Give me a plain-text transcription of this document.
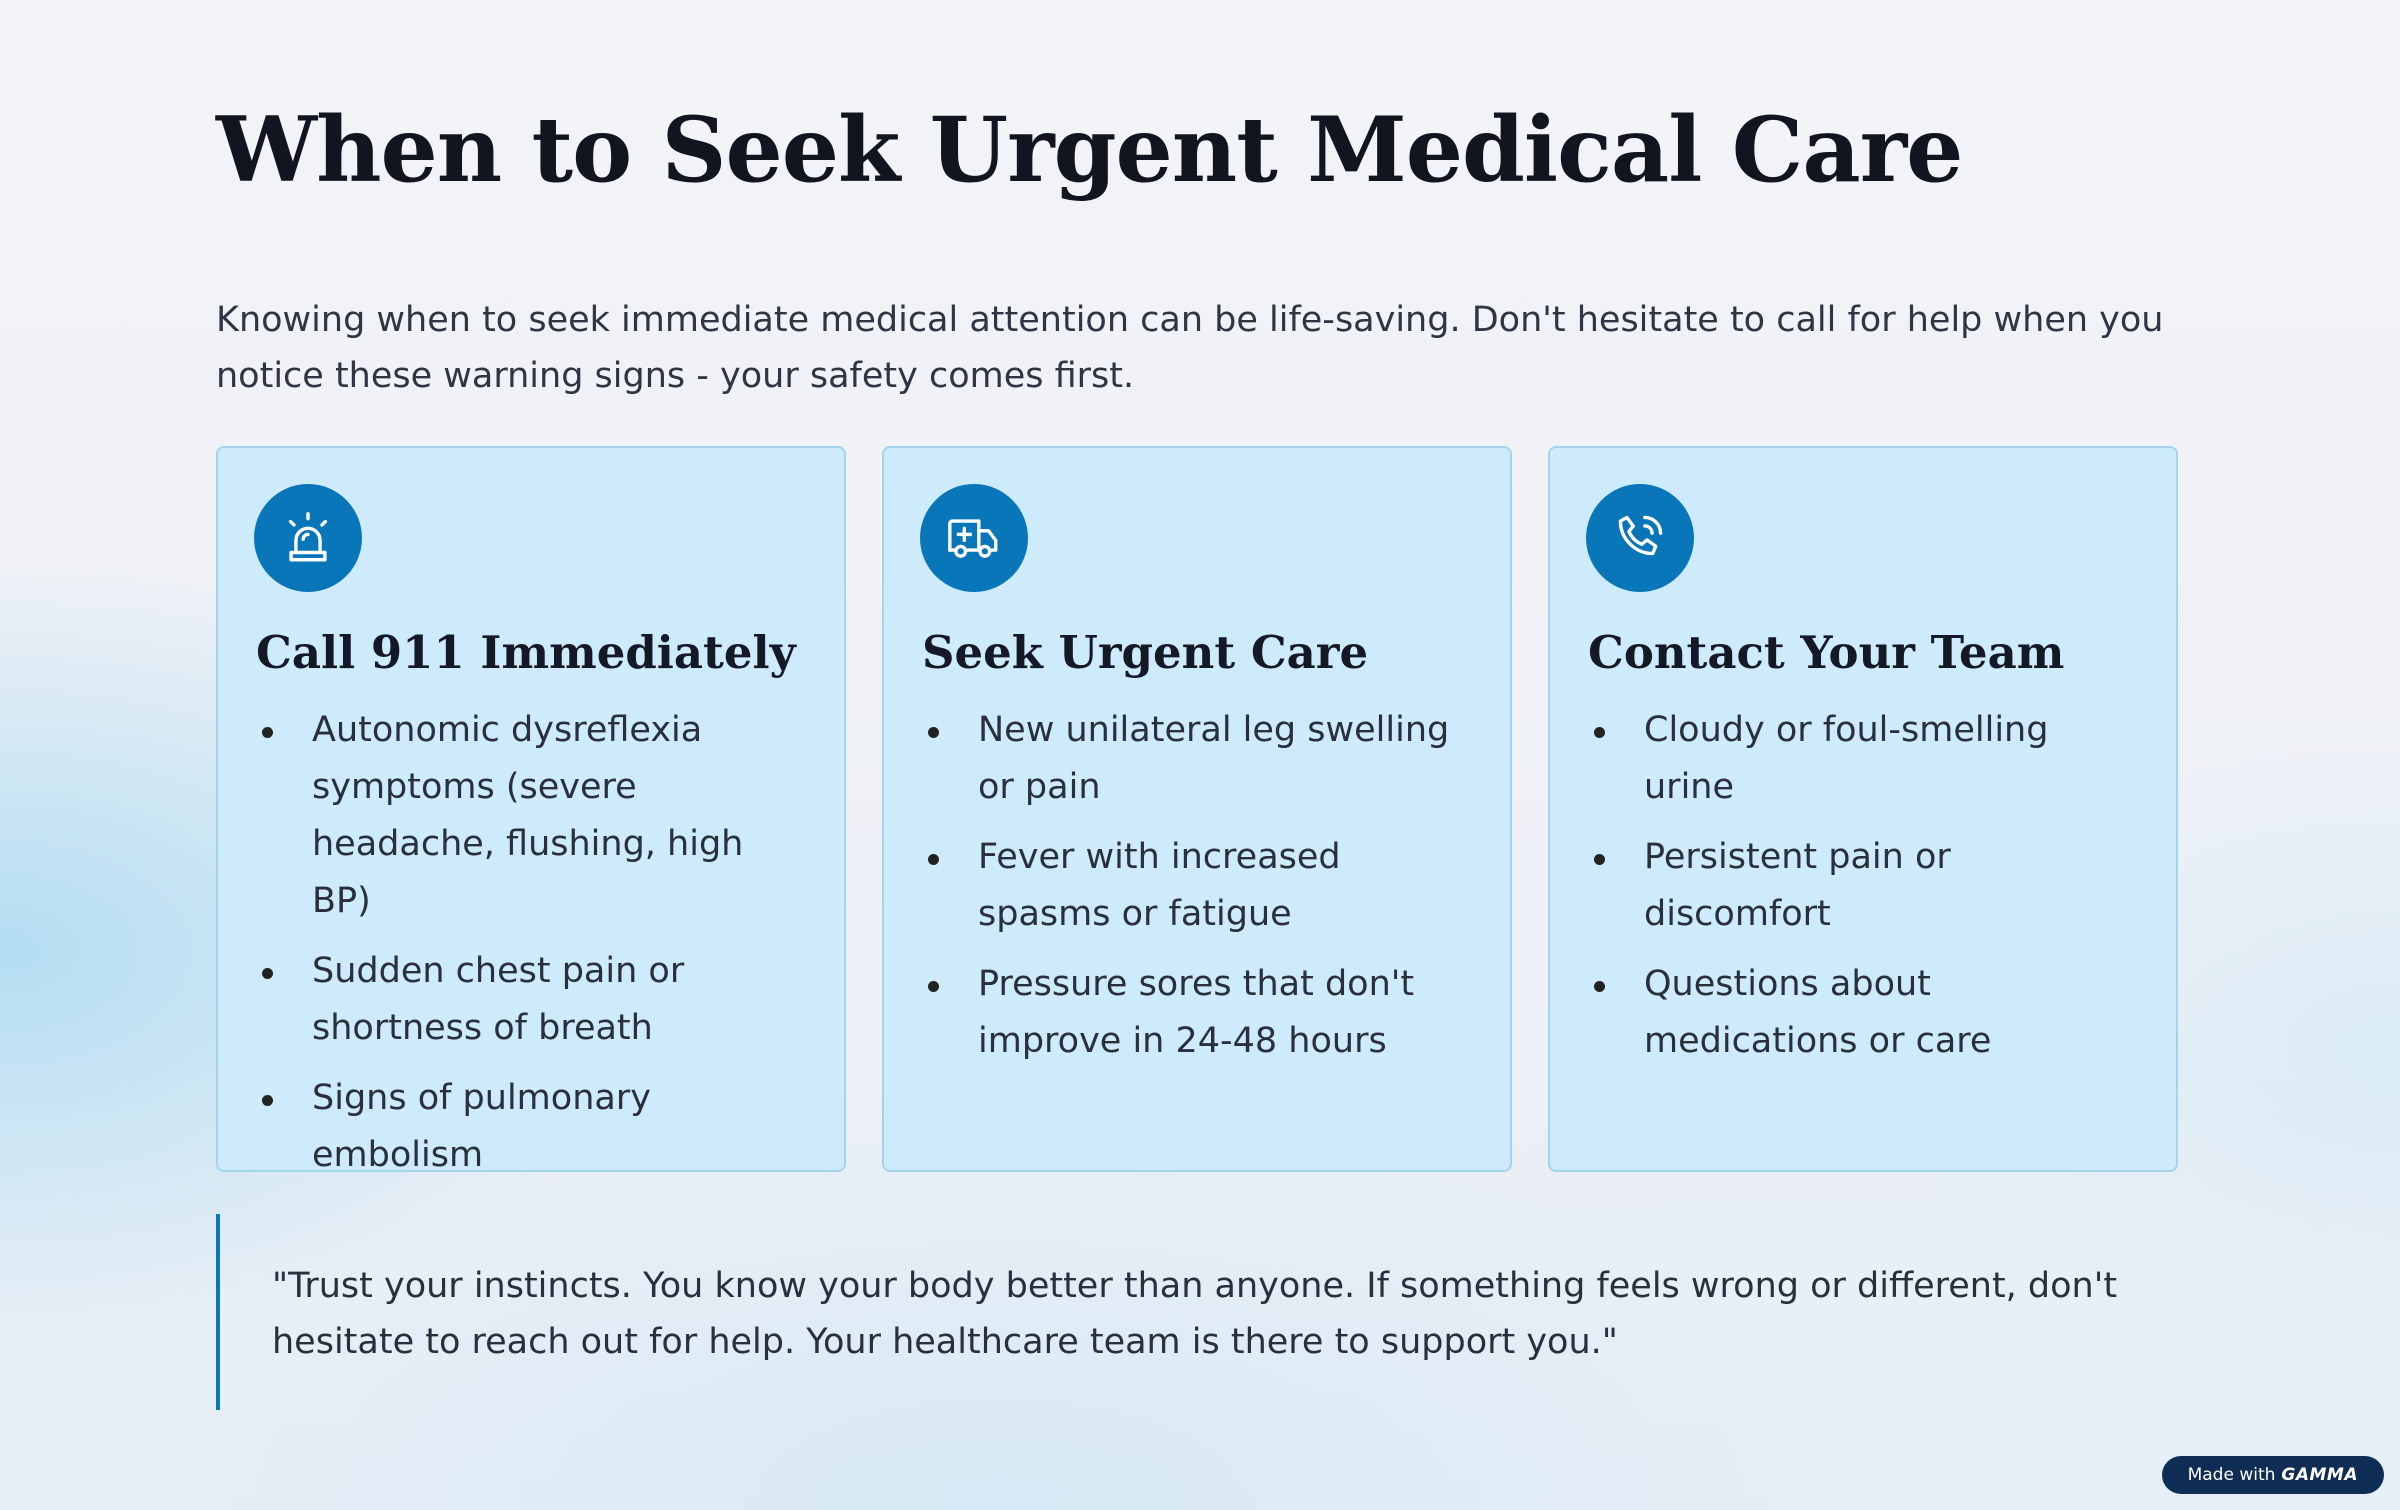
When to Seek Urgent Medical Care

Knowing when to seek immediate medical attention can be life-saving. Don't hesitate to call for help when you notice these warning signs - your safety comes first.

Call 911 Immediately
Autonomic dysreflexia symptoms (severe headache, flushing, high BP)
Sudden chest pain or shortness of breath
Signs of pulmonary embolism
Seek Urgent Care
New unilateral leg swelling or pain
Fever with increased spasms or fatigue
Pressure sores that don't improve in 24-48 hours
Contact Your Team
Cloudy or foul-smelling urine
Persistent pain or discomfort
Questions about medications or care

"Trust your instincts. You know your body better than anyone. If something feels wrong or different, don't hesitate to reach out for help. Your healthcare team is there to support you."

Made with GAMMA
